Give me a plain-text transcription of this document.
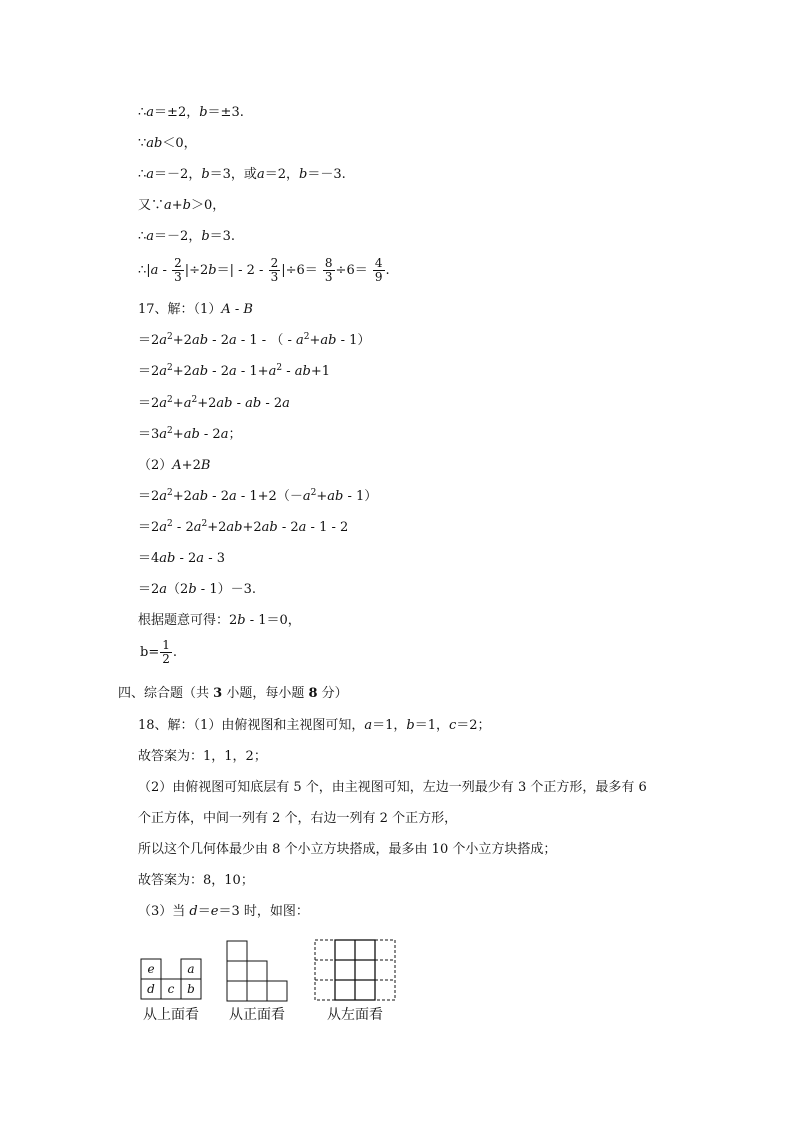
∴a＝±2，b＝±3.
∵ab＜0，
∴a＝－2，b＝3，或a＝2，b＝－3.
又∵a+b＞0，
∴a＝－2，b＝3.
∴|a - $\frac{2}{3} |\div 2b=| - 2 - \frac{2}{3} |\div 6= \frac{8}{3} \div 6= \frac{4}{9}$ .
17、解：（1）A - B
$=2a^2+2ab - 2a - 1$ - （ - $a^2+ab - 1$）
$=2a^2+2ab - 2a - 1+a^2 - ab+1$
$=2a^2+a^2+2ab$ - ab - 2a
$=3a^2+ab - 2a$；
（2）A+2B
$=2a^2+2ab - 2a - 1+2(-a^2+ab - 1)$
$=2a^2 - 2a^2+2ab+2ab - 2a - 1 - 2$
＝4ab - 2a - 3
＝2a（2b - 1）－3.
根据题意可得：2b - 1＝0，
$b= \frac{1}{2}$ .
四、综合题（共 3 小题，每小题 8 分）
18、解：（1）由俯视图和主视图可知，a＝1，b＝1，c＝2；
故答案为：1，1，2；
（2）由俯视图可知底层有 5 个，由主视图可知，左边一列最少有 3 个正方形，最多有 6
个正方体，中间一列有 2 个，右边一列有 2 个正方形，
所以这个几何体最少由 8 个小立方块搭成，最多由 10 个小立方块搭成；
故答案为：8，10；
（3）当 d＝e＝3 时，如图：
e	a
d c b
从上面看 从正面看	从左面看
